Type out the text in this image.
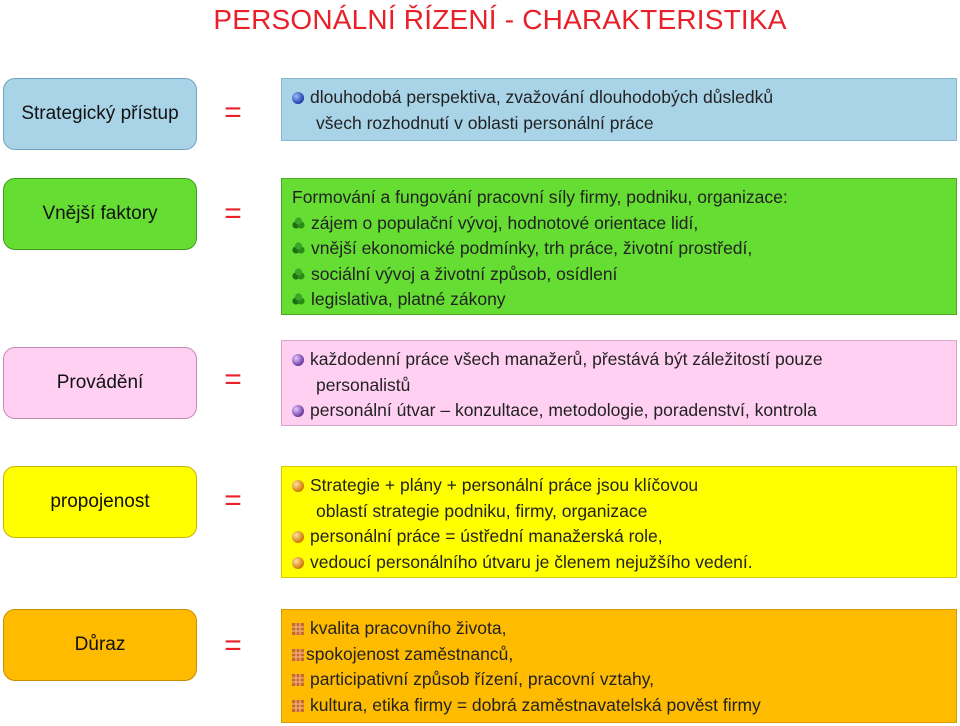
PERSONÁLNÍ ŘÍZENÍ - CHARAKTERISTIKA
Strategický přístup =	dlouhodobá perspektiva, zvažování dlouhodobých důsledků
všech rozhodnutí v oblasti personální práce
Vnější faktory =	Formování a fungování pracovní síly firmy, podniku, organizace:
zájem o populační vývoj, hodnotové orientace lidí,
vnější ekonomické podmínky, trh práce, životní prostředí,
sociální vývoj a životní způsob, osídlení
legislativa, platné zákony
Provádění	=
každodenní práce všech manažerů, přestává být záležitostí pouze
personalistů
personální útvar – konzultace, metodologie, poradenství, kontrola
propojenost =	Strategie + plány + personální práce jsou klíčovou
oblastí strategie podniku, firmy, organizace
personální práce = ústřední manažerská role,
vedoucí personálního útvaru je členem nejužšího vedení.
Důraz	=
kvalita pracovního života,
spokojenost zaměstnanců,
participativní způsob řízení, pracovní vztahy,
kultura, etika firmy = dobrá zaměstnavatelská pověst firmy
